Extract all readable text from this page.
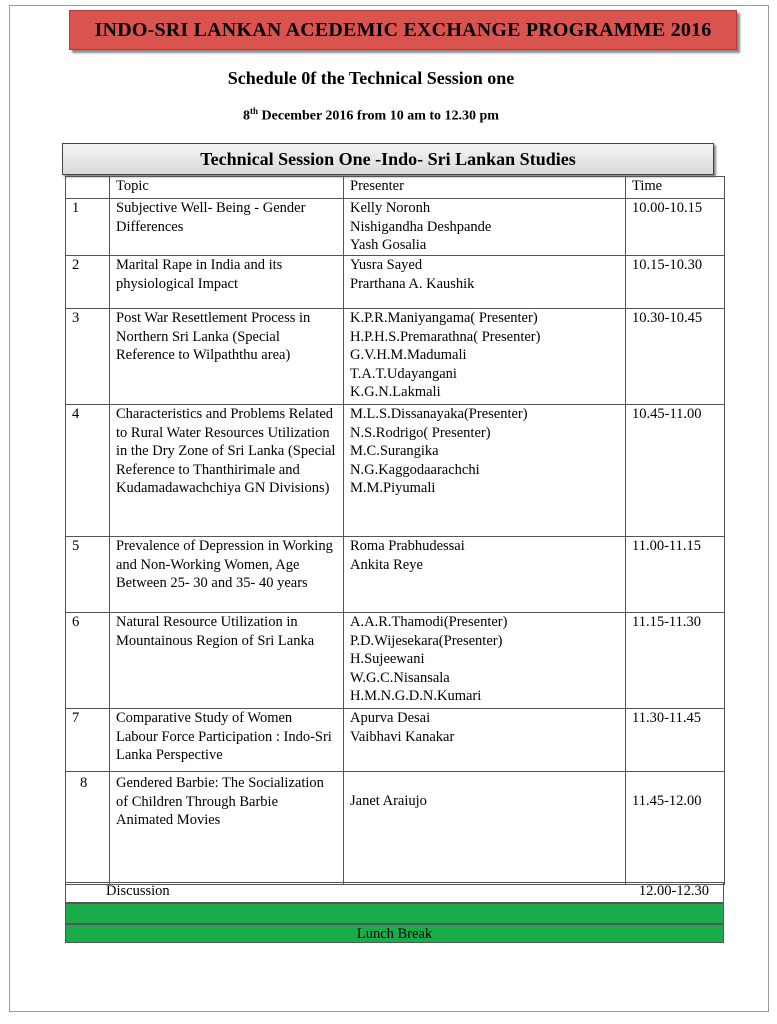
INDO-SRI LANKAN ACEDEMIC EXCHANGE PROGRAMME 2016
Schedule 0f the Technical Session one
8th December 2016 from 10 am to 12.30 pm
Technical Session One -Indo- Sri Lankan Studies
	Topic	Presenter	Time
1	Subjective Well- Being - Gender Differences	Kelly Noronh
Nishigandha Deshpande
Yash Gosalia	10.00-10.15
2	Marital Rape in India and its physiological Impact	Yusra Sayed
Prarthana A. Kaushik	10.15-10.30
3	Post War Resettlement Process in Northern Sri Lanka (Special Reference to Wilpaththu area)	K.P.R.Maniyangama( Presenter)
H.P.H.S.Premarathna( Presenter)
G.V.H.M.Madumali
T.A.T.Udayangani
K.G.N.Lakmali	10.30-10.45
4	Characteristics and Problems Related to Rural Water Resources Utilization in the Dry Zone of Sri Lanka (Special Reference to Thanthirimale and Kudamadawachchiya GN Divisions)	M.L.S.Dissanayaka(Presenter)
N.S.Rodrigo( Presenter)
M.C.Surangika
N.G.Kaggodaarachchi
M.M.Piyumali	10.45-11.00
5	Prevalence of Depression in Working and Non-Working Women, Age Between 25- 30 and 35- 40 years	Roma Prabhudessai
Ankita Reye	11.00-11.15
6	Natural Resource Utilization in Mountainous Region of Sri Lanka	A.A.R.Thamodi(Presenter)
P.D.Wijesekara(Presenter)
H.Sujeewani
W.G.C.Nisansala
H.M.N.G.D.N.Kumari	11.15-11.30
7	Comparative Study of Women Labour Force Participation : Indo-Sri Lanka Perspective	Apurva Desai
Vaibhavi Kanakar	11.30-11.45
8	Gendered Barbie: The Socialization of Children Through Barbie Animated Movies	Janet Araiujo	11.45-12.00
Discussion	12.00-12.30
Lunch Break
